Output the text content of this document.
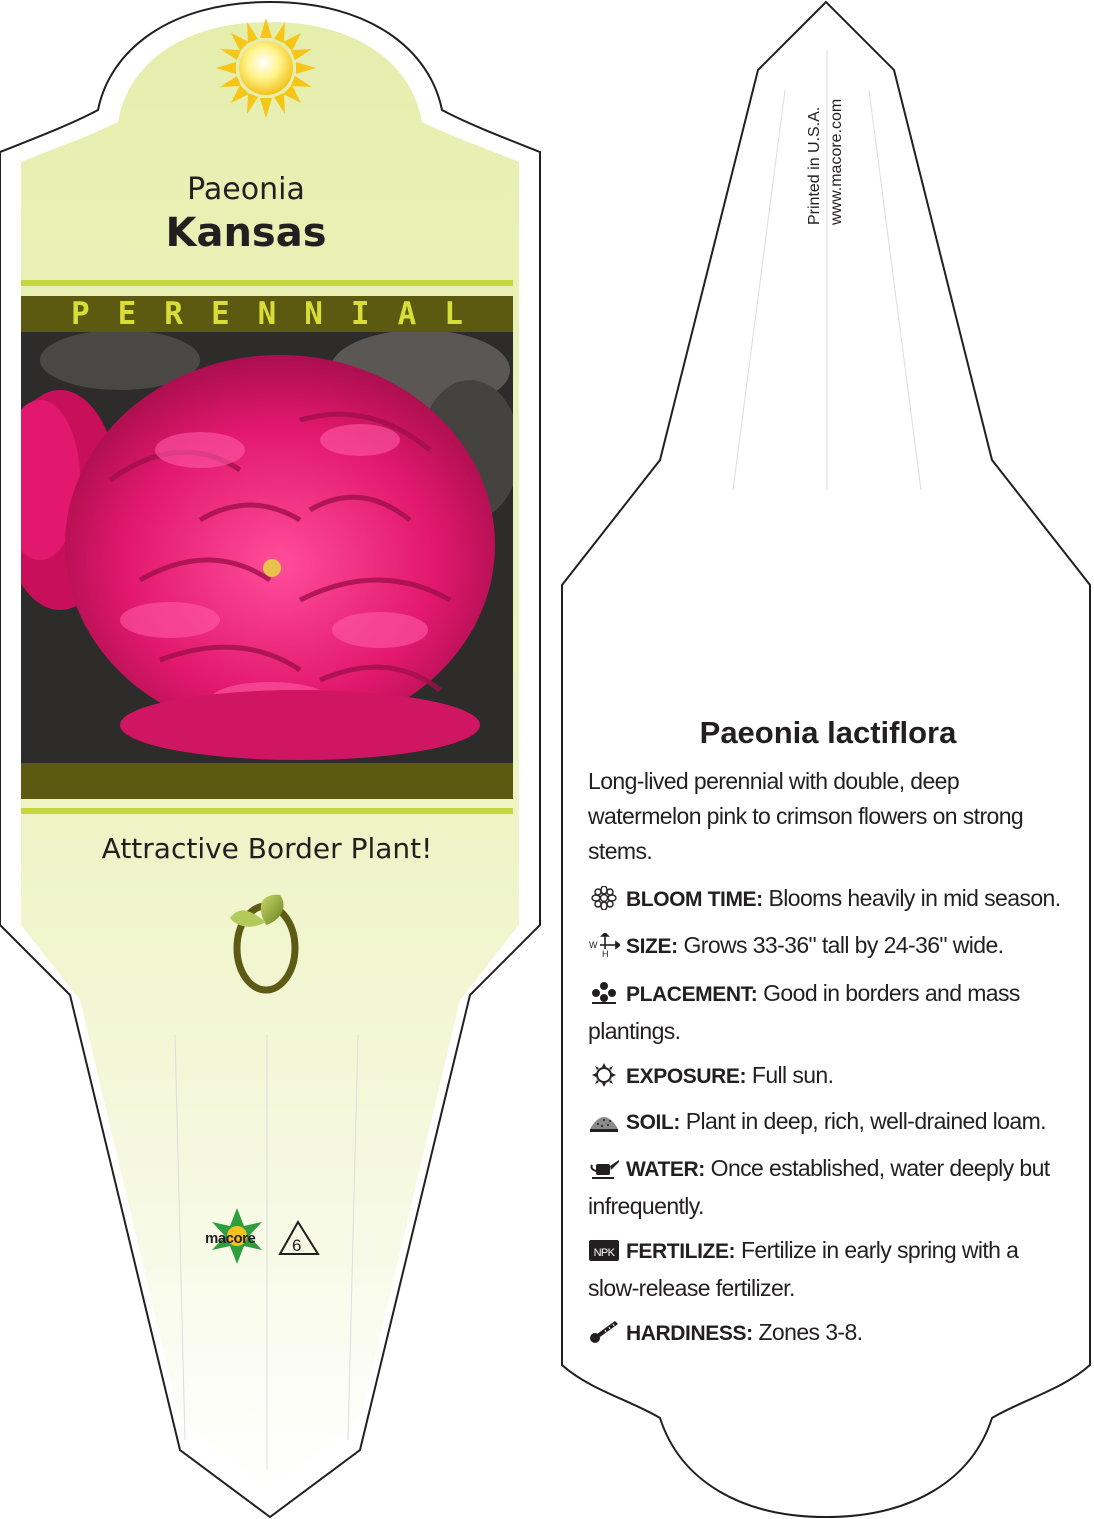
Paeonia
Kansas
P E R E N N I A L
Attractive Border Plant!
macore 6
Printed in U.S.A. www.macore.com
Paeonia lactiflora
Long-lived perennial with double, deep watermelon pink to crimson flowers on strong stems.
BLOOM TIME: Blooms heavily in mid season.
W
H SIZE: Grows 33-36" tall by 24-36" wide.
PLACEMENT: Good in borders and mass plantings.
EXPOSURE: Full sun.
SOIL: Plant in deep, rich, well-drained loam.
WATER: Once established, water deeply but infrequently.
NPK FERTILIZE: Fertilize in early spring with a slow-release fertilizer.
HARDINESS: Zones 3-8.
